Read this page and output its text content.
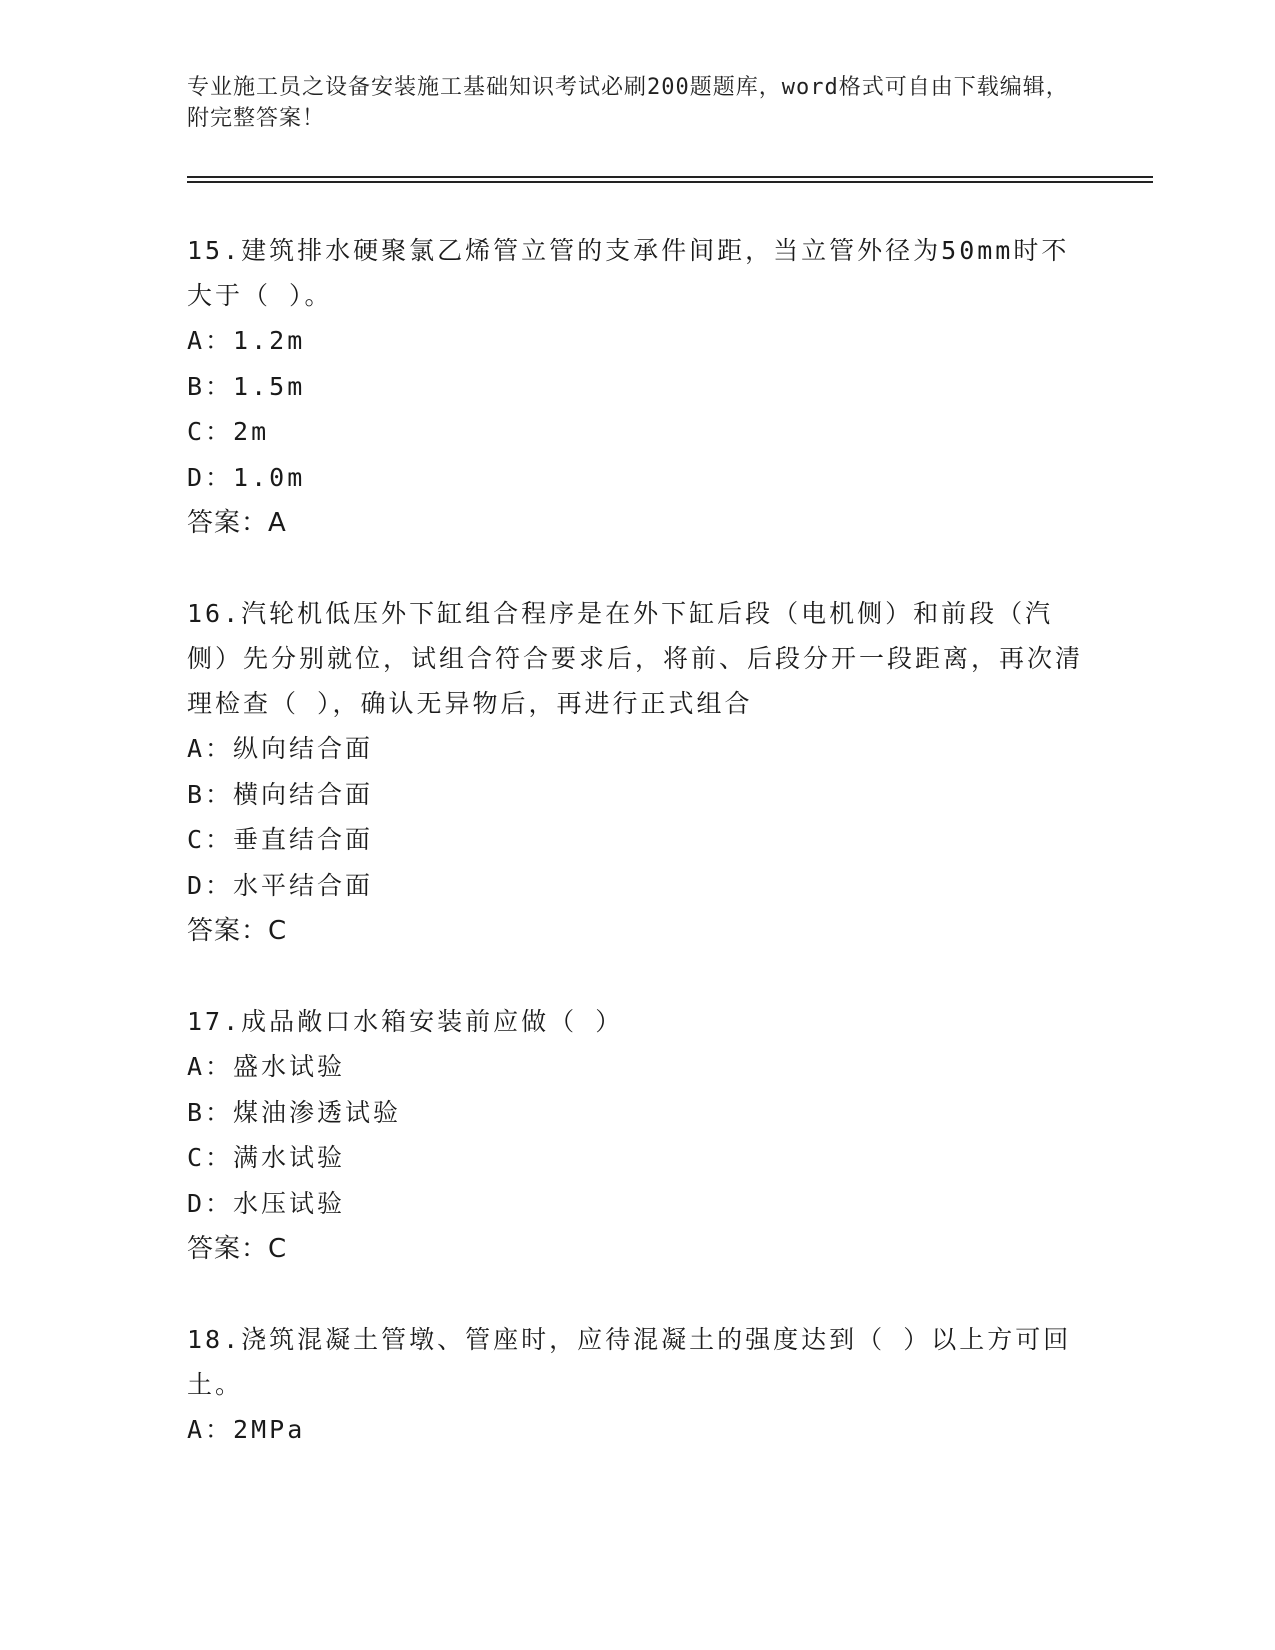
专业施工员之设备安装施工基础知识考试必刷200题题库，word格式可自由下载编辑，附完整答案！

15.建筑排水硬聚氯乙烯管立管的支承件间距，当立管外径为50mm时不大于（ ）。

A：1.2m

B：1.5m

C：2m

D：1.0m

答案：A

16.汽轮机低压外下缸组合程序是在外下缸后段（电机侧）和前段（汽侧）先分别就位，试组合符合要求后，将前、后段分开一段距离，再次清理检查（ ），确认无异物后，再进行正式组合

A：纵向结合面

B：横向结合面

C：垂直结合面

D：水平结合面

答案：C

17.成品敞口水箱安装前应做（ ）

A：盛水试验

B：煤油渗透试验

C：满水试验

D：水压试验

答案：C

18.浇筑混凝土管墩、管座时，应待混凝土的强度达到（ ）以上方可回土。

A：2MPa
